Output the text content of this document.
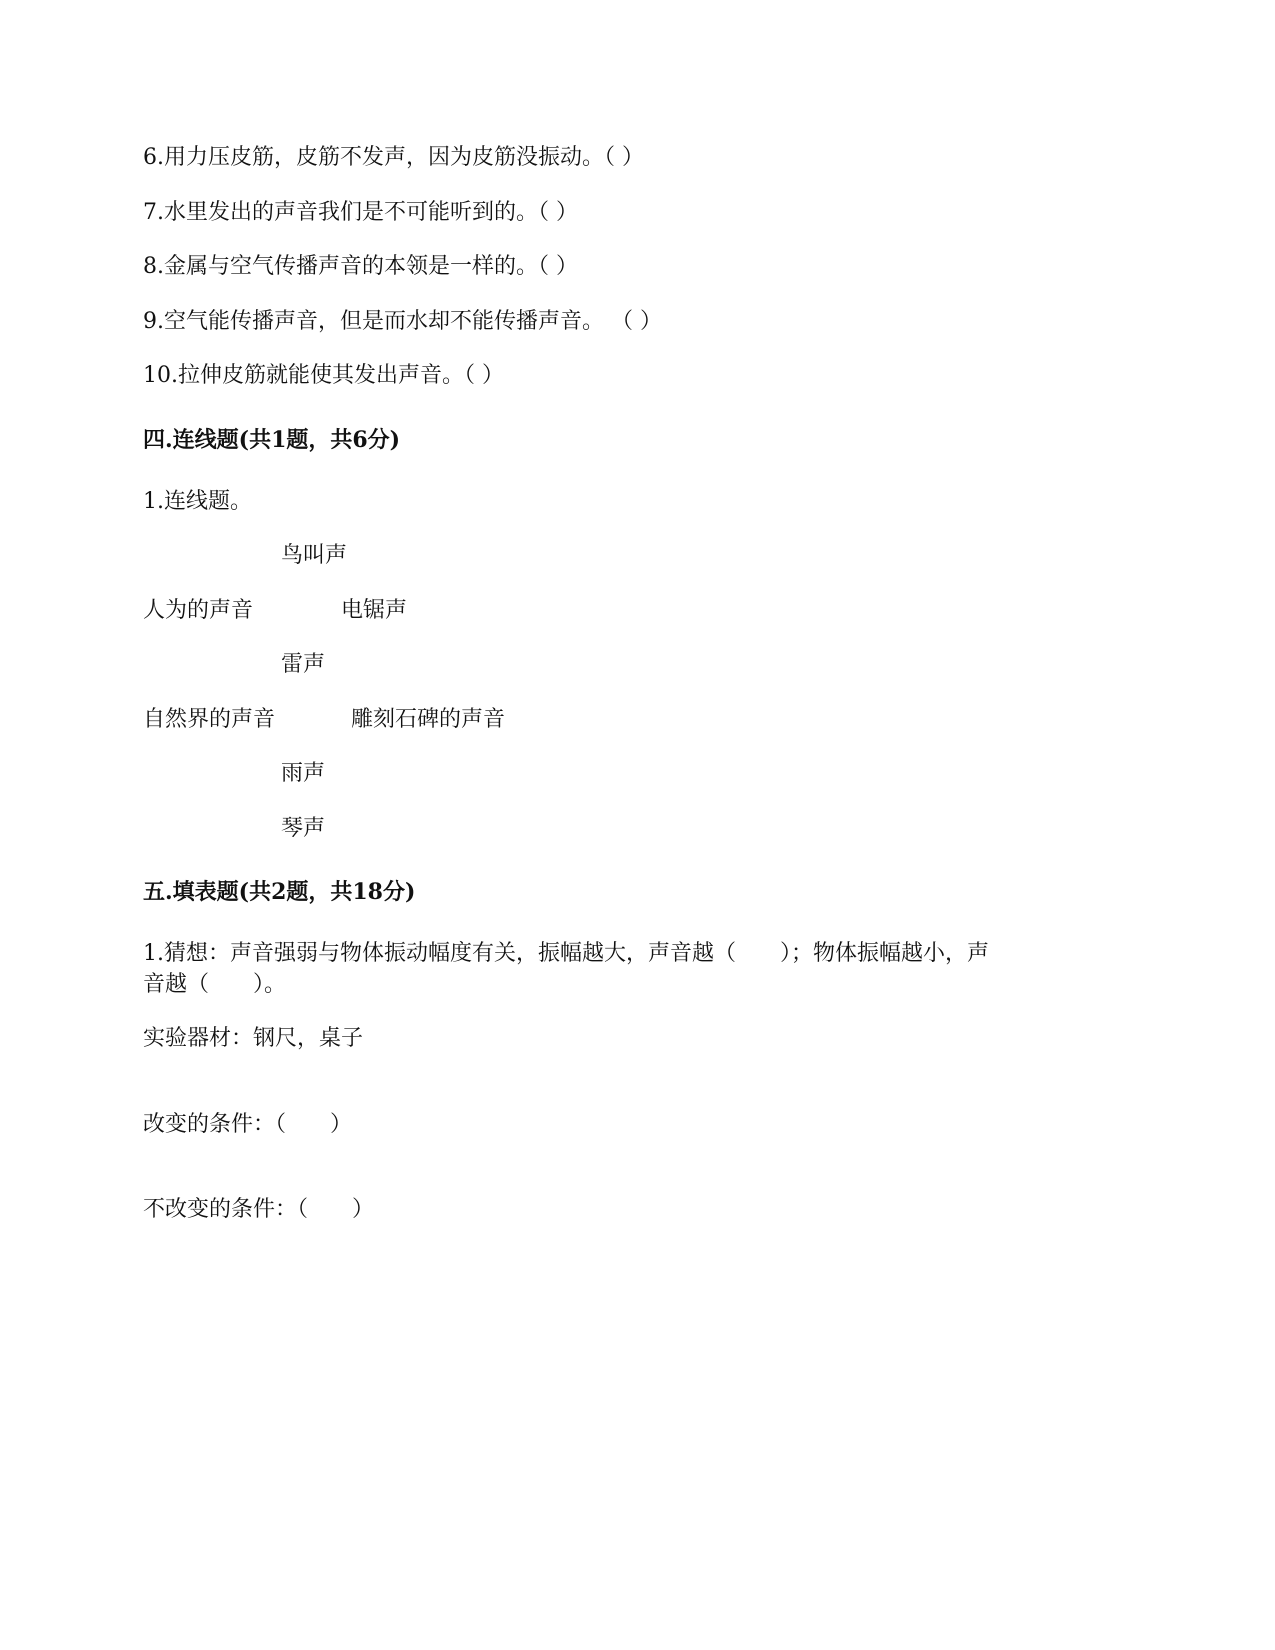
6.用力压皮筋，皮筋不发声，因为皮筋没振动。（ ）
7.水里发出的声音我们是不可能听到的。（ ）
8.金属与空气传播声音的本领是一样的。（ ）
9.空气能传播声音，但是而水却不能传播声音。 （ ）
10.拉伸皮筋就能使其发出声音。（ ）
四.连线题(共1题，共6分)
1.连线题。
鸟叫声
人为的声音	电锯声
雷声
自然界的声音	雕刻石碑的声音
雨声
琴声
五.填表题(共2题，共18分)
1.猜想：声音强弱与物体振动幅度有关，振幅越大，声音越（　　）；物体振幅越小，声
音越（　　）。
实验器材：钢尺，桌子
改变的条件：（　　）
不改变的条件：（　　）
